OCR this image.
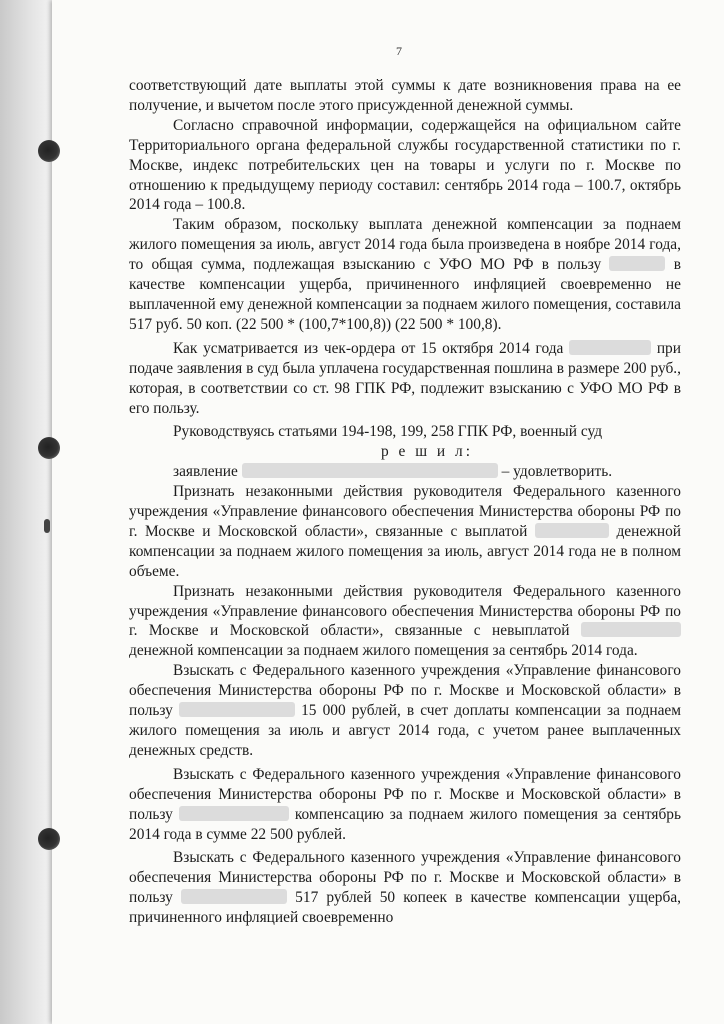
7

соответствующий дате выплаты этой суммы к дате возникновения права на ее получение, и вычетом после этого присужденной денежной суммы.

Согласно справочной информации, содержащейся на официальном сайте Территориального органа федеральной службы государственной статистики по г. Москве, индекс потребительских цен на товары и услуги по г. Москве по отношению к предыдущему периоду составил: сентябрь 2014 года – 100.7, октябрь 2014 года – 100.8.

Таким образом, поскольку выплата денежной компенсации за поднаем жилого помещения за июль, август 2014 года была произведена в ноябре 2014 года, то общая сумма, подлежащая взысканию с УФО МО РФ в пользу	в качестве компенсации ущерба, причиненного инфляцией своевременно не выплаченной ему денежной компенсации за поднаем жилого помещения, составила 517 руб. 50 коп. (22 500 * (100,7*100,8)) (22 500 * 100,8).

Как усматривается из чек-ордера от 15 октября 2014 года	при подаче заявления в суд была уплачена государственная пошлина в размере 200 руб., которая, в соответствии со ст. 98 ГПК РФ, подлежит взысканию с УФО МО РФ в его пользу.

Руководствуясь статьями 194-198, 199, 258 ГПК РФ, военный суд

р е ш и л:

заявление	– удовлетворить.

Признать незаконными действия руководителя Федерального казенного учреждения «Управление финансового обеспечения Министерства обороны РФ по г. Москве и Московской области», связанные с выплатой	денежной компенсации за поднаем жилого помещения за июль, август 2014 года не в полном объеме.

Признать незаконными действия руководителя Федерального казенного учреждения «Управление финансового обеспечения Министерства обороны РФ по г. Москве и Московской области», связанные с невыплатой  денежной компенсации за поднаем жилого помещения за сентябрь 2014 года.

Взыскать с Федерального казенного учреждения «Управление финансового обеспечения Министерства обороны РФ по г. Москве и Московской области» в пользу	15 000 рублей, в счет доплаты компенсации за поднаем жилого помещения за июль и август 2014 года, с учетом ранее выплаченных денежных средств.

Взыскать с Федерального казенного учреждения «Управление финансового обеспечения Министерства обороны РФ по г. Москве и Московской области» в пользу	компенсацию за поднаем жилого помещения за сентябрь 2014 года в сумме 22 500 рублей.

Взыскать с Федерального казенного учреждения «Управление финансового обеспечения Министерства обороны РФ по г. Москве и Московской области» в пользу	517 рублей 50 копеек в качестве компенсации ущерба, причиненного инфляцией своевременно
